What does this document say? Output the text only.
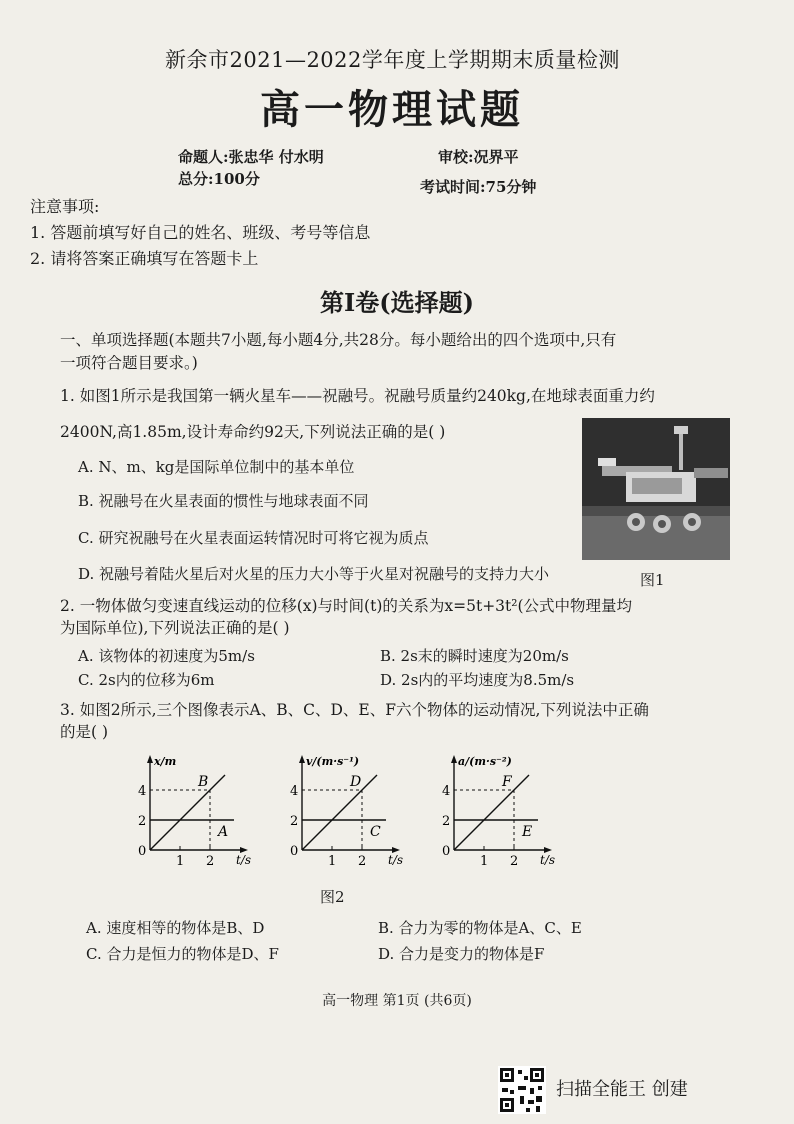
新余市2021—2022学年度上学期期末质量检测
高一物理试题
命题人:张忠华 付水明	审校:况界平
总分:100分	考试时间:75分钟
注意事项:
1. 答题前填写好自己的姓名、班级、考号等信息
2. 请将答案正确填写在答题卡上
第Ⅰ卷(选择题)
一、单项选择题(本题共7小题,每小题4分,共28分。每小题给出的四个选项中,只有
一项符合题目要求。)
1. 如图1所示是我国第一辆火星车——祝融号。祝融号质量约240kg,在地球表面重力约
2400N,高1.85m,设计寿命约92天,下列说法正确的是( )
A. N、m、kg是国际单位制中的基本单位
B. 祝融号在火星表面的惯性与地球表面不同
C. 研究祝融号在火星表面运转情况时可将它视为质点
D. 祝融号着陆火星后对火星的压力大小等于火星对祝融号的支持力大小	图1
2. 一物体做匀变速直线运动的位移(x)与时间(t)的关系为x=5t+3t²(公式中物理量均
为国际单位),下列说法正确的是( )
A. 该物体的初速度为5m/s	B. 2s末的瞬时速度为20m/s
C. 2s内的位移为6m	D. 2s内的平均速度为8.5m/s
3. 如图2所示,三个图像表示A、B、C、D、E、F六个物体的运动情况,下列说法中正确
的是( )
x/m
t/s
0
2
4
1 2
B
A
v/(m·s⁻¹)
t/s
0
2
4
1 2
D
C
a/(m·s⁻²)
t/s
0
2
4
1 2
F
E
图2
A. 速度相等的物体是B、D	B. 合力为零的物体是A、C、E
C. 合力是恒力的物体是D、F	D. 合力是变力的物体是F
高一物理 第1页 (共6页)
扫描全能王 创建
